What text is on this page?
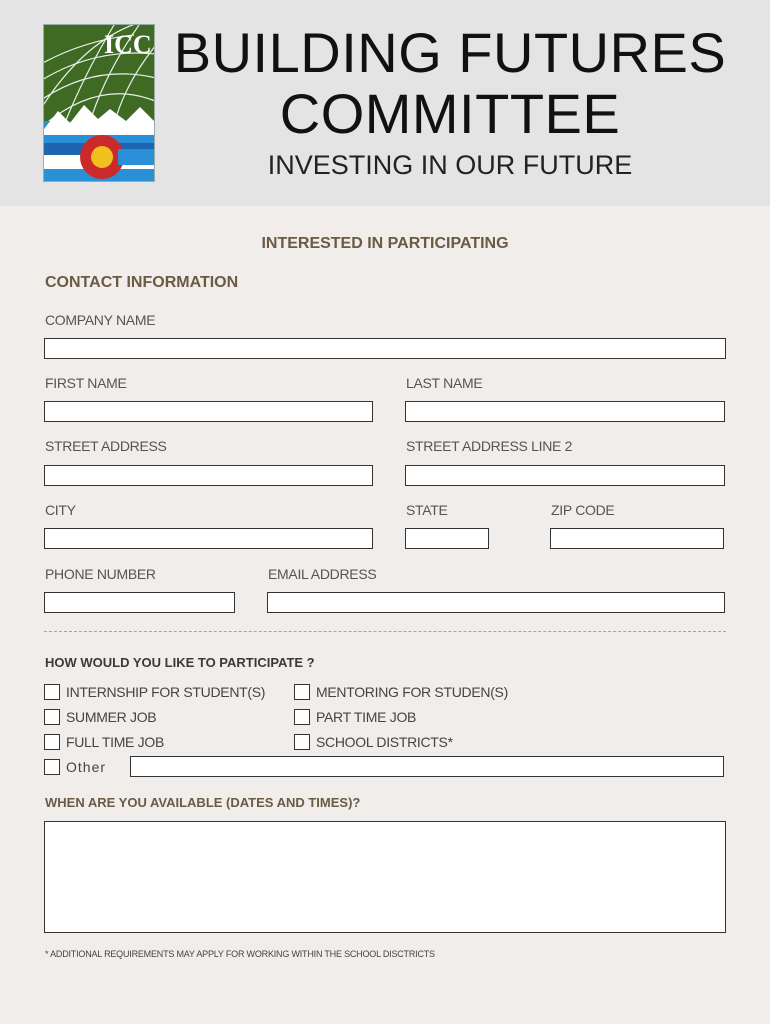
ICC BUILDING FUTURES
COMMITTEE
INVESTING IN OUR FUTURE
INTERESTED IN PARTICIPATING
CONTACT INFORMATION
COMPANY NAME
FIRST NAME	LAST NAME
STREET ADDRESS	STREET ADDRESS LINE 2
CITY	STATE	ZIP CODE
PHONE NUMBER	EMAIL ADDRESS
HOW WOULD YOU LIKE TO PARTICIPATE ?
INTERNSHIP FOR STUDENT(S)	MENTORING FOR STUDEN(S)
SUMMER JOB	PART TIME JOB
FULL TIME JOB	SCHOOL DISTRICTS*
Other
WHEN ARE YOU AVAILABLE (DATES AND TIMES)?
* ADDITIONAL REQUIREMENTS MAY APPLY FOR WORKING WITHIN THE SCHOOL DISCTRICTS
